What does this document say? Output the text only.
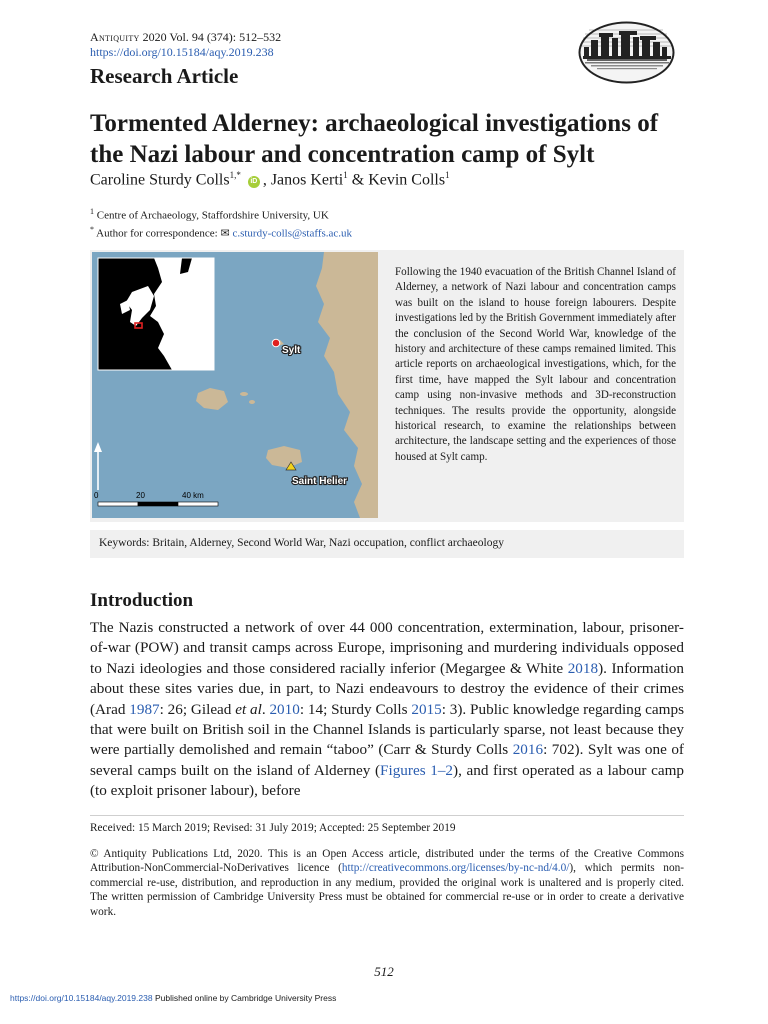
Antiquity 2020 Vol. 94 (374): 512–532
https://doi.org/10.15184/aqy.2019.238
Research Article
Tormented Alderney: archaeological investigations of the Nazi labour and concentration camp of Sylt
Caroline Sturdy Colls$^{1,*}$ iD , Janos Kerti$^1$ & Kevin Colls$^1$
$^1$ Centre of Archaeology, Staffordshire University, UK
* Author for correspondence: ✉ c.sturdy-colls@staffs.ac.uk
0	20	40 km
Sylt
Saint Helier
Following the 1940 evacuation of the British Channel Island of Alderney, a network of Nazi labour and concentration camps was built on the island to house foreign labourers. Despite investigations led by the British Government immediately after the conclusion of the Second World War, knowledge of the history and architecture of these camps remained limited. This article reports on archaeological investigations, which, for the first time, have mapped the Sylt labour and concentration camp using non-invasive methods and 3D-reconstruction techniques. The results provide the opportunity, alongside historical research, to examine the relationships between architecture, the landscape setting and the experiences of those housed at Sylt camp.
Keywords: Britain, Alderney, Second World War, Nazi occupation, conflict archaeology
Introduction

The Nazis constructed a network of over 44 000 concentration, extermination, labour, prisoner-of-war (POW) and transit camps across Europe, imprisoning and murdering individuals opposed to Nazi ideologies and those considered racially inferior (Megargee & White 2018). Information about these sites varies due, in part, to Nazi endeavours to destroy the evidence of their crimes (Arad 1987: 26; Gilead et al. 2010: 14; Sturdy Colls 2015: 3). Public knowledge regarding camps that were built on British soil in the Channel Islands is particularly sparse, not least because they were partially demolished and remain “taboo” (Carr & Sturdy Colls 2016: 702). Sylt was one of several camps built on the island of Alderney (Figures 1–2), and first operated as a labour camp (to exploit prisoner labour), before

Received: 15 March 2019; Revised: 31 July 2019; Accepted: 25 September 2019

© Antiquity Publications Ltd, 2020. This is an Open Access article, distributed under the terms of the Creative Commons Attribution-NonCommercial-NoDerivatives licence (http://creativecommons.org/licenses/by-nc-nd/4.0/), which permits non-commercial re-use, distribution, and reproduction in any medium, provided the original work is unaltered and is properly cited. The written permission of Cambridge University Press must be obtained for commercial re-use or in order to create a derivative work.

512
https://doi.org/10.15184/aqy.2019.238 Published online by Cambridge University Press
